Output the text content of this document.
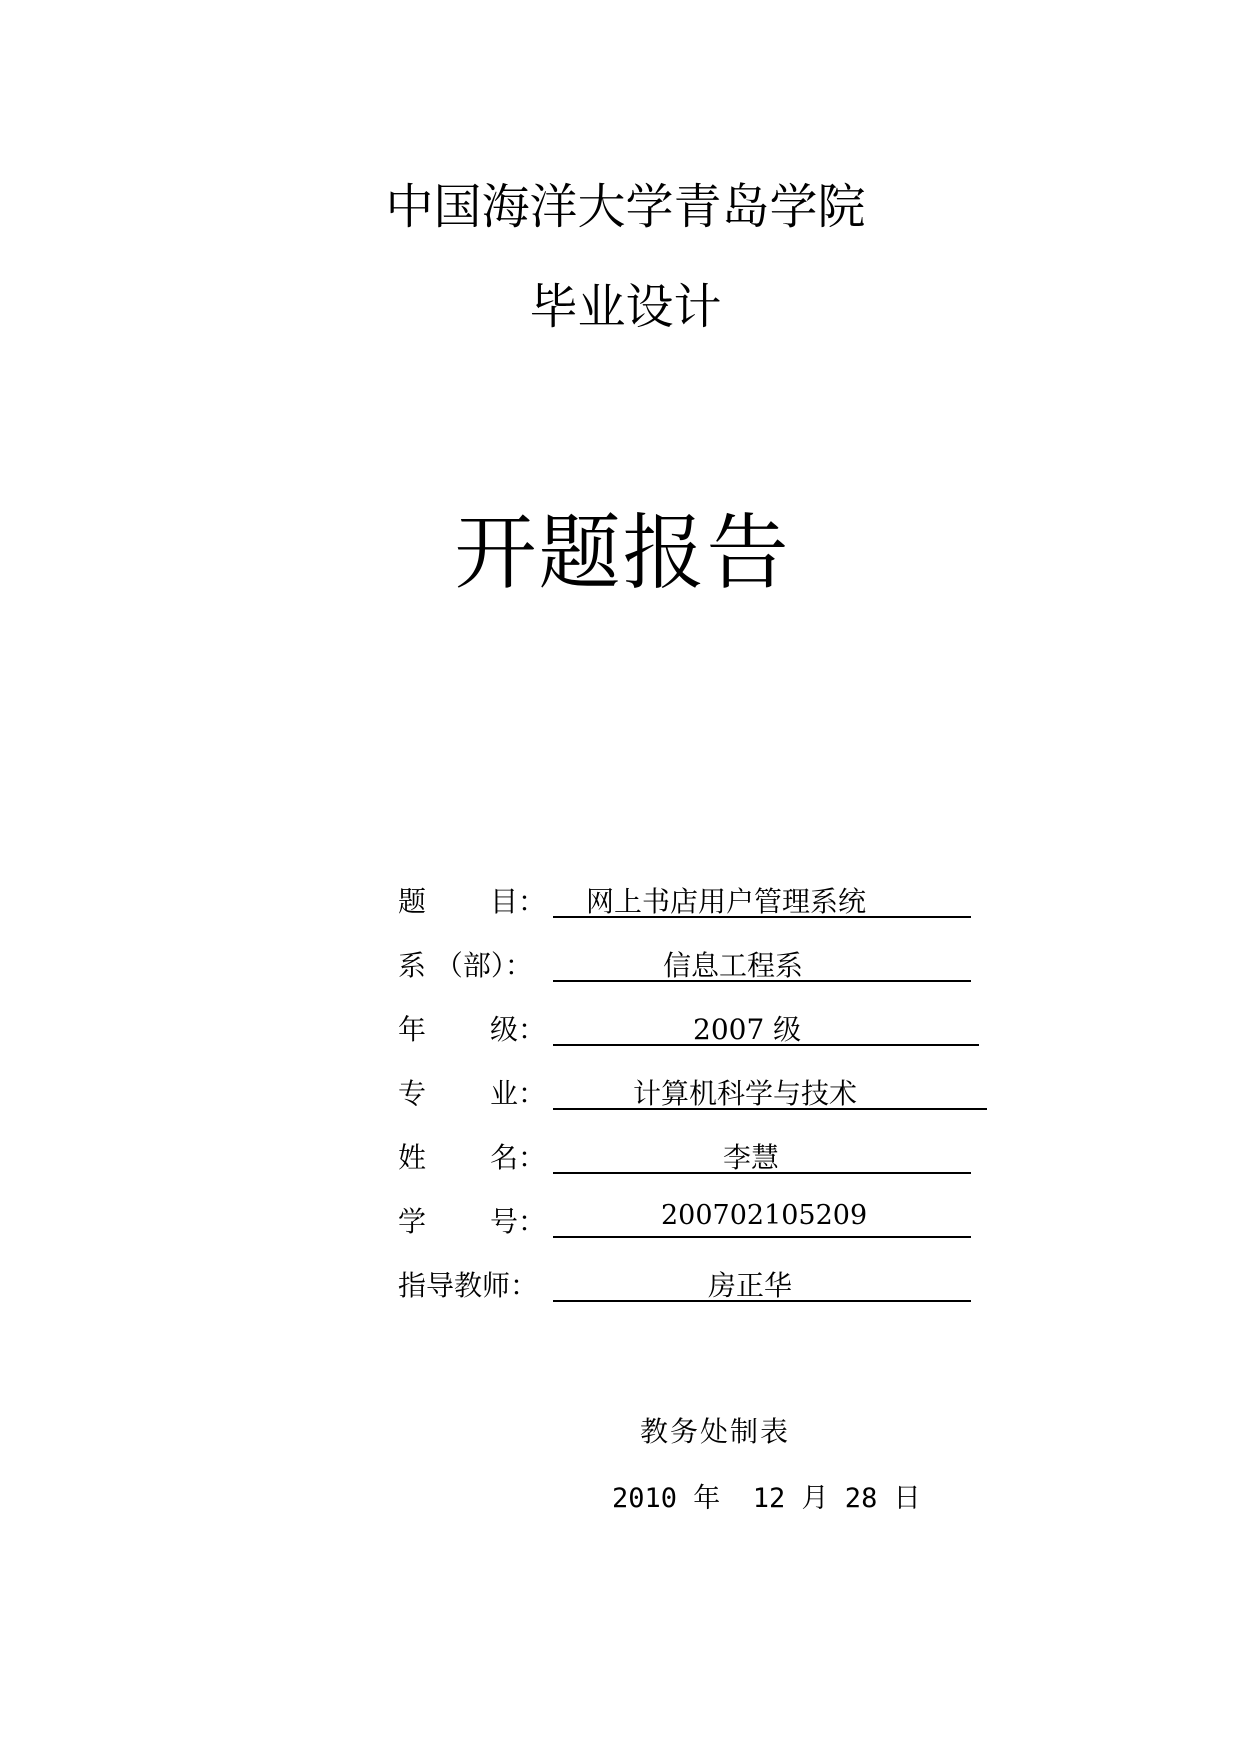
中国海洋大学青岛学院
毕业设计
开题报告
题 目： 网上书店用户管理系统
系 （部）：	信息工程系
年 级：	2007 级
专 业：	计算机科学与技术
姓 名：	李慧
学 号：	200702105209
指导教师：	房正华
教务处制表
2010 年  12 月 28 日
